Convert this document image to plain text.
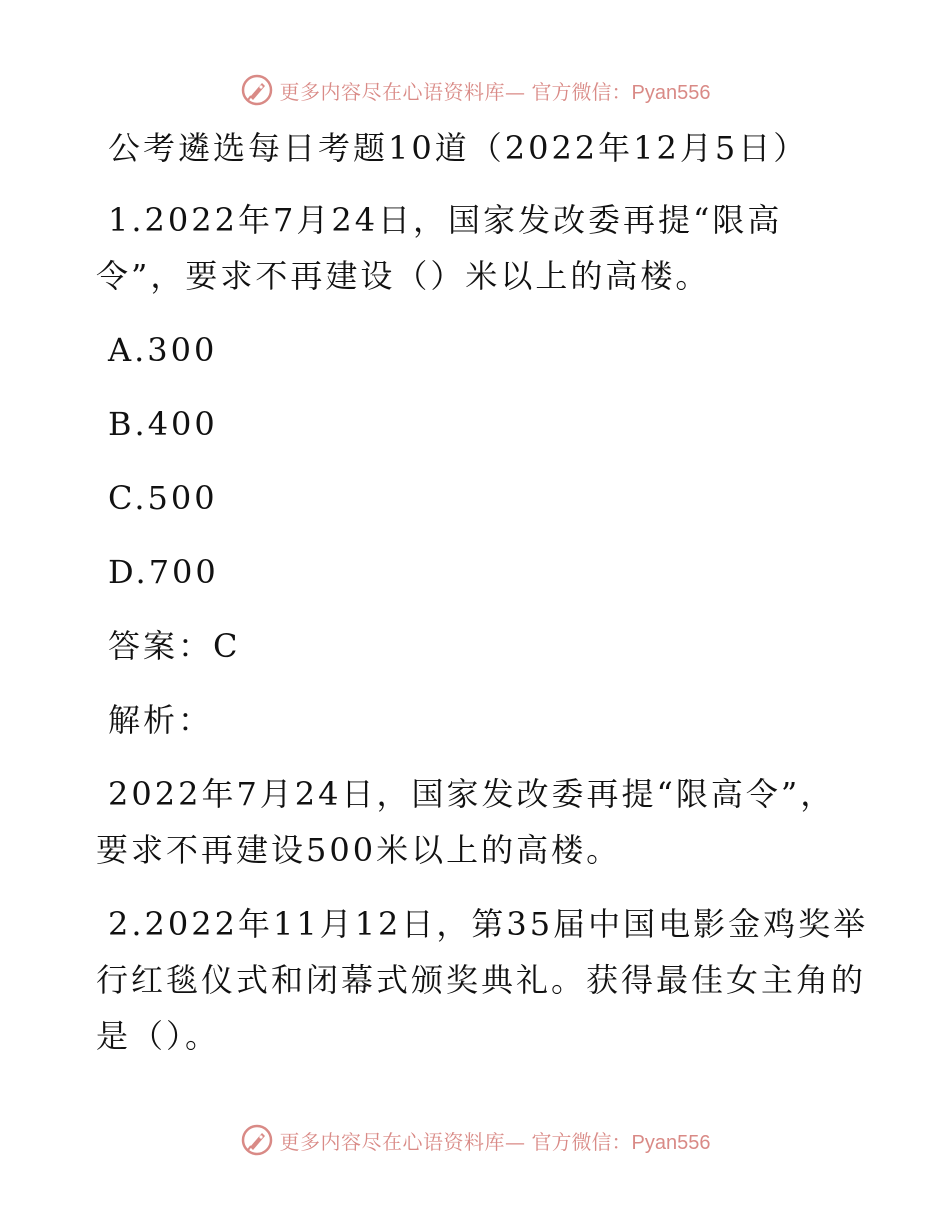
更多内容尽在心语资料库— 官方微信：Pyan556

公考遴选每日考题10道（2022年12月5日）

1.2022年7月24日，国家发改委再提“限高

令”，要求不再建设（）米以上的高楼。

A.300

B.400

C.500

D.700

答案：C

解析：

2022年7月24日，国家发改委再提“限高令”，

要求不再建设500米以上的高楼。

2.2022年11月12日，第35届中国电影金鸡奖举

行红毯仪式和闭幕式颁奖典礼。获得最佳女主角的

是（）。

更多内容尽在心语资料库— 官方微信：Pyan556
